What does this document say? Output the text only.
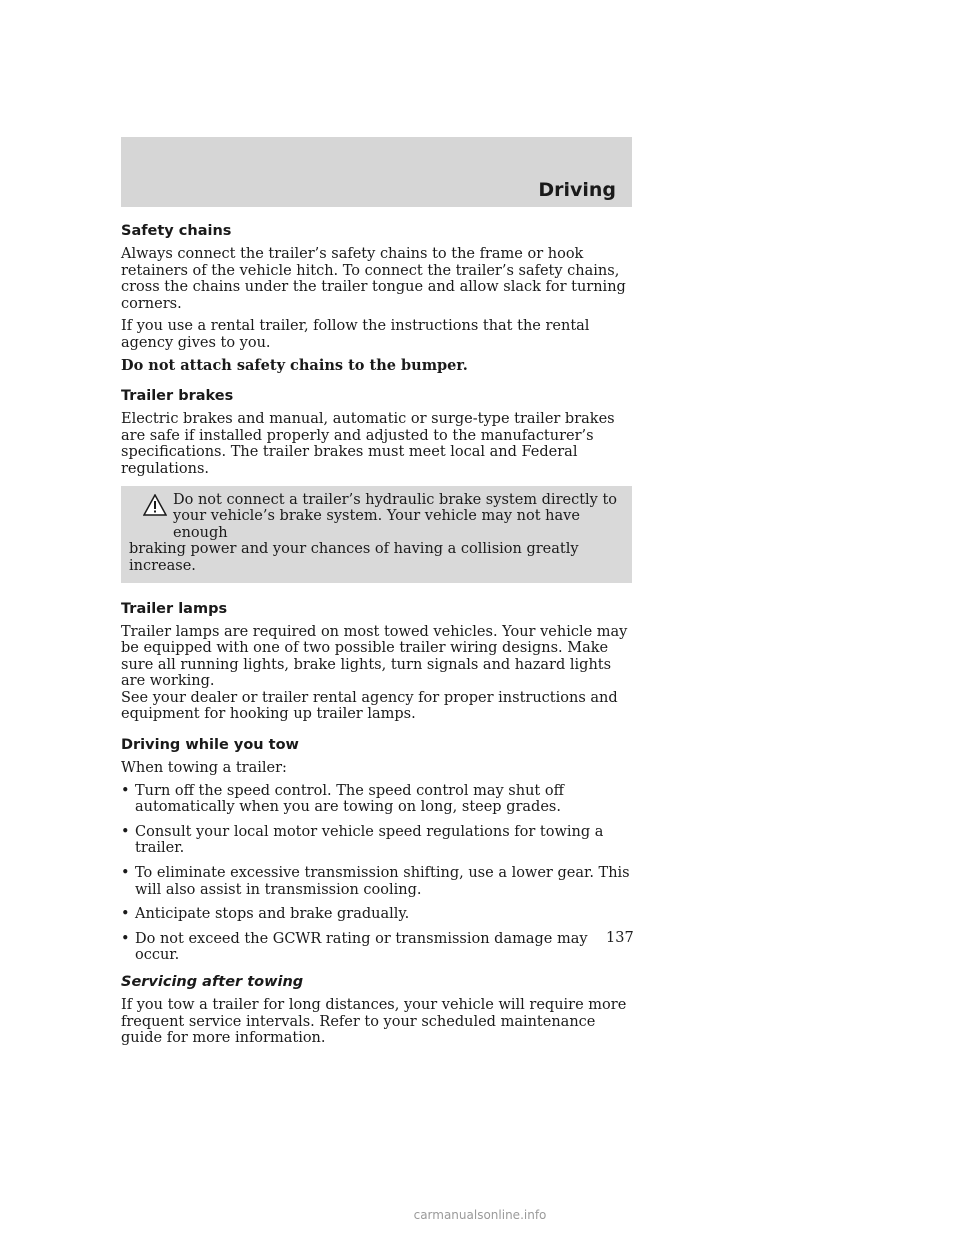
Driving
Safety chains

Always connect the trailer’s safety chains to the frame or hook retainers of the vehicle hitch. To connect the trailer’s safety chains, cross the chains under the trailer tongue and allow slack for turning corners.

If you use a rental trailer, follow the instructions that the rental agency gives to you.

Do not attach safety chains to the bumper.

Trailer brakes

Electric brakes and manual, automatic or surge-type trailer brakes are safe if installed properly and adjusted to the manufacturer’s specifications. The trailer brakes must meet local and Federal regulations.

Do not connect a trailer’s hydraulic brake system directly to your vehicle’s brake system. Your vehicle may not have enough
braking power and your chances of having a collision greatly increase.

Trailer lamps

Trailer lamps are required on most towed vehicles. Your vehicle may be equipped with one of two possible trailer wiring designs. Make sure all running lights, brake lights, turn signals and hazard lights are working.

See your dealer or trailer rental agency for proper instructions and equipment for hooking up trailer lamps.

Driving while you tow

When towing a trailer:

• Turn off the speed control. The speed control may shut off automatically when you are towing on long, steep grades.
• Consult your local motor vehicle speed regulations for towing a trailer.
• To eliminate excessive transmission shifting, use a lower gear. This will also assist in transmission cooling.
• Anticipate stops and brake gradually.
• Do not exceed the GCWR rating or transmission damage may occur.
Servicing after towing

If you tow a trailer for long distances, your vehicle will require more frequent service intervals. Refer to your scheduled maintenance guide for more information.

137
carmanualsonline.info
